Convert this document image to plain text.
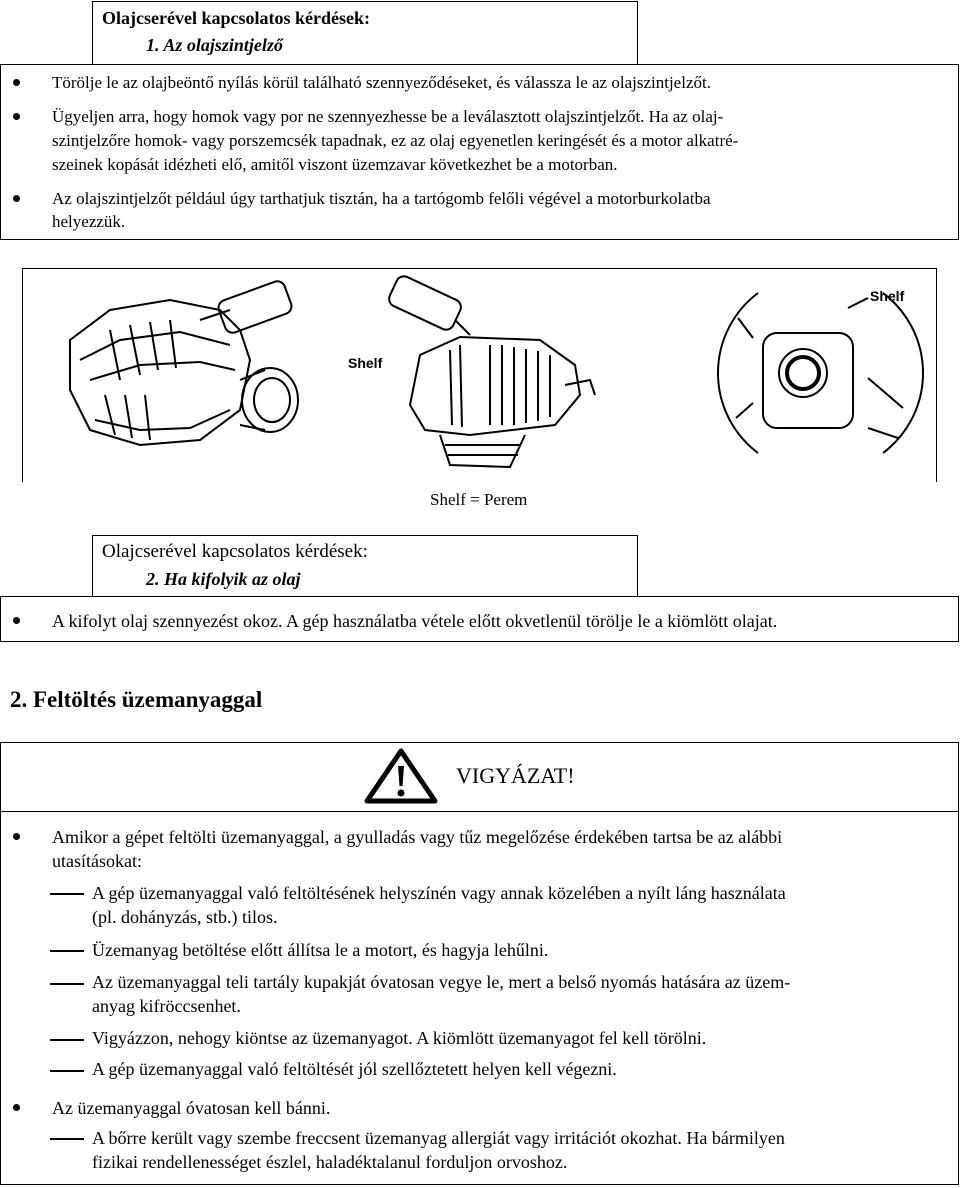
Olajcserével kapcsolatos kérdések:
1. Az olajszintjelző
Törölje le az olajbeöntő nyílás körül található szennyeződéseket, és válassza le az olajszintjelzőt.
Ügyeljen arra, hogy homok vagy por ne szennyezhesse be a leválasztott olajszintjelzőt. Ha az olaj-
szintjelzőre homok- vagy porszemcsék tapadnak, ez az olaj egyenetlen keringését és a motor alkatré-
szeinek kopását idézheti elő, amitől viszont üzemzavar következhet be a motorban.
Az olajszintjelzőt például úgy tarthatjuk tisztán, ha a tartógomb felőli végével a motorburkolatba
helyezzük.
Shelf
Shelf
Shelf = Perem
Olajcserével kapcsolatos kérdések:
2. Ha kifolyik az olaj
A kifolyt olaj szennyezést okoz. A gép használatba vétele előtt okvetlenül törölje le a kiömlött olajat.
2. Feltöltés üzemanyaggal
VIGYÁZAT!
Amikor a gépet feltölti üzemanyaggal, a gyulladás vagy tűz megelőzése érdekében tartsa be az alábbi
utasításokat:
A gép üzemanyaggal való feltöltésének helyszínén vagy annak közelében a nyílt láng használata
(pl. dohányzás, stb.) tilos.
Üzemanyag betöltése előtt állítsa le a motort, és hagyja lehűlni.
Az üzemanyaggal teli tartály kupakját óvatosan vegye le, mert a belső nyomás hatására az üzem-
anyag kifröccsenhet.
Vigyázzon, nehogy kiöntse az üzemanyagot. A kiömlött üzemanyagot fel kell törölni.
A gép üzemanyaggal való feltöltését jól szellőztetett helyen kell végezni.
Az üzemanyaggal óvatosan kell bánni.
A bőrre került vagy szembe freccsent üzemanyag allergiát vagy irritációt okozhat. Ha bármilyen
fizikai rendellenességet észlel, haladéktalanul forduljon orvoshoz.
